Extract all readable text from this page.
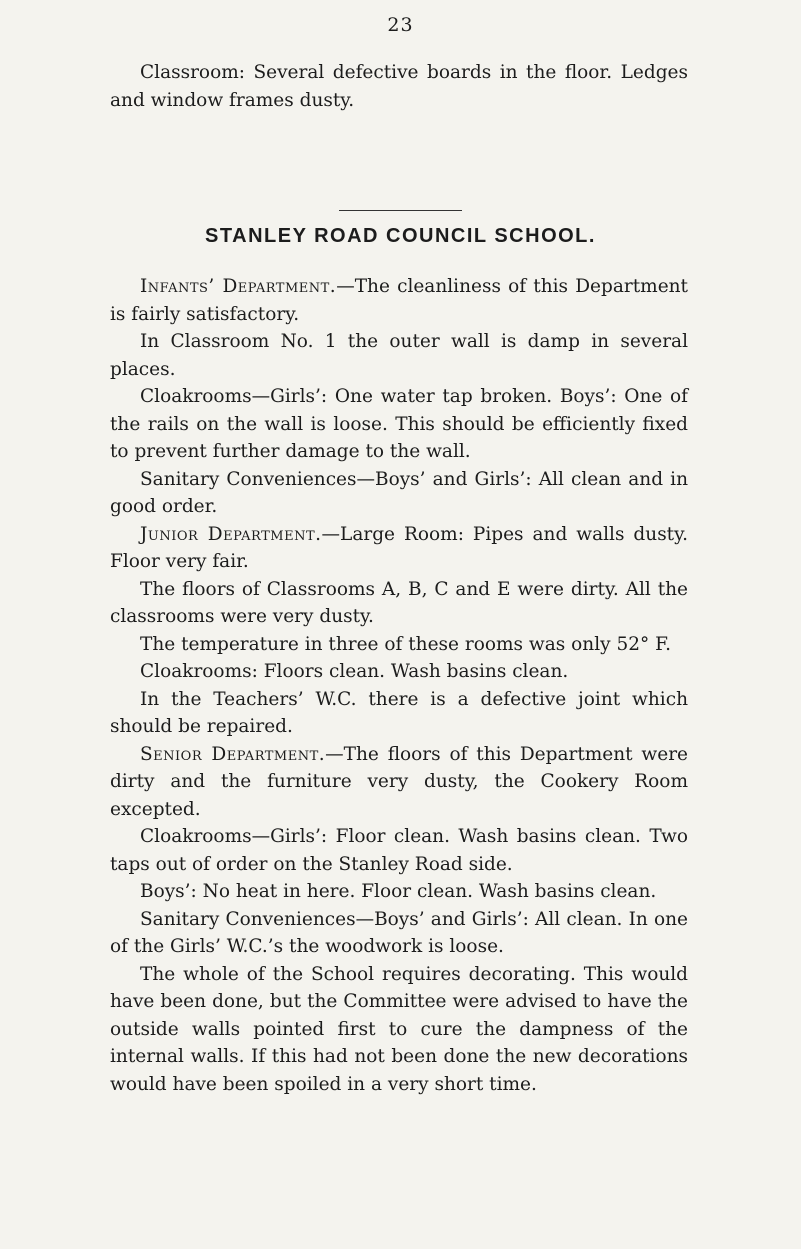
23

Classroom: Several defective boards in the floor. Ledges and window frames dusty.

STANLEY ROAD COUNCIL SCHOOL.

Infants’ Department.—The cleanliness of this Department is fairly satisfactory.

In Classroom No. 1 the outer wall is damp in several places.

Cloakrooms—Girls’: One water tap broken. Boys’: One of the rails on the wall is loose. This should be efficiently fixed to prevent further damage to the wall.

Sanitary Conveniences—Boys’ and Girls’: All clean and in good order.

Junior Department.—Large Room: Pipes and walls dusty. Floor very fair.

The floors of Classrooms A, B, C and E were dirty. All the classrooms were very dusty.

The temperature in three of these rooms was only 52° F.

Cloakrooms: Floors clean. Wash basins clean.

In the Teachers’ W.C. there is a defective joint which should be repaired.

Senior Department.—The floors of this Department were dirty and the furniture very dusty, the Cookery Room excepted.

Cloakrooms—Girls’: Floor clean. Wash basins clean. Two taps out of order on the Stanley Road side.

Boys’: No heat in here. Floor clean. Wash basins clean.

Sanitary Conveniences—Boys’ and Girls’: All clean. In one of the Girls’ W.C.’s the woodwork is loose.

The whole of the School requires decorating. This would have been done, but the Committee were advised to have the outside walls pointed first to cure the dampness of the internal walls. If this had not been done the new decorations would have been spoiled in a very short time.
